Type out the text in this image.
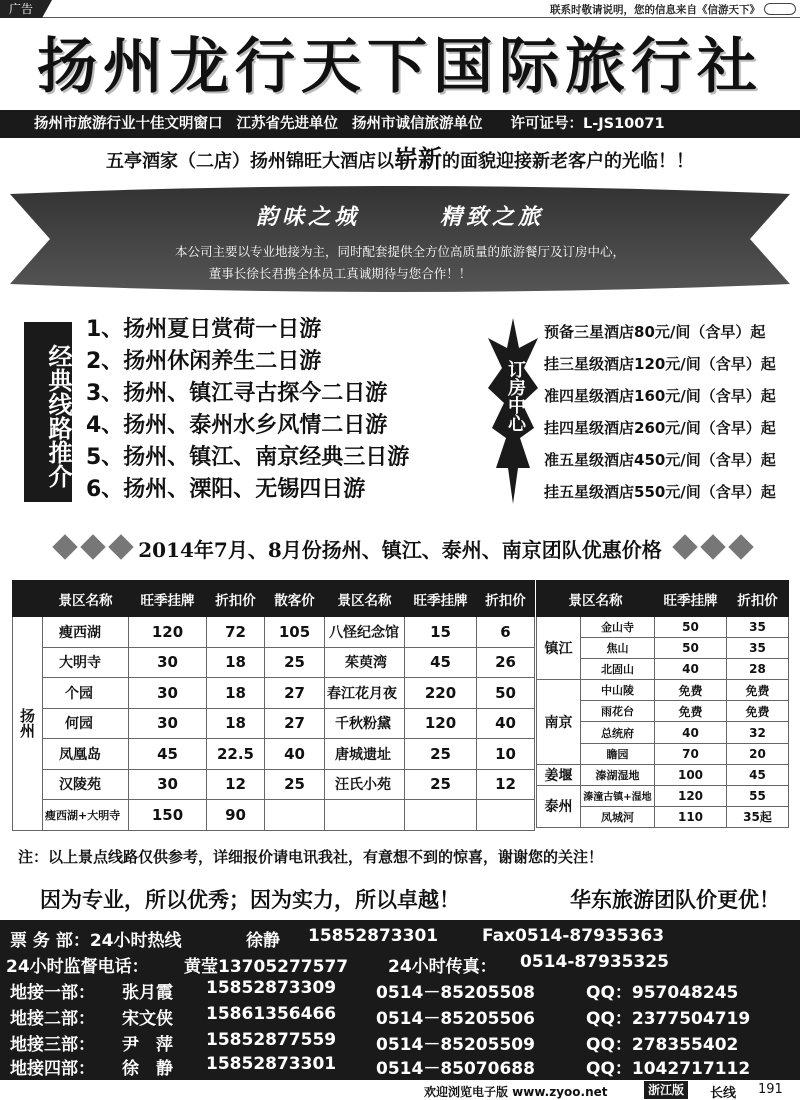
广告	联系时敬请说明，您的信息来自《信游天下》
扬州龙行天下国际旅行社
扬州市旅游行业十佳文明窗口 江苏省先进单位 扬州市诚信旅游单位 许可证号：L-JS10071
五亭酒家（二店）扬州锦旺大酒店以崭新的面貌迎接新老客户的光临！！
韵味之城	精致之旅
本公司主要以专业地接为主，同时配套提供全方位高质量的旅游餐厅及订房中心，
董事长徐长君携全体员工真诚期待与您合作！！
经典线路推介
1、扬州夏日赏荷一日游
2、扬州休闲养生二日游
3、扬州、镇江寻古探今二日游
4、扬州、泰州水乡风情二日游
5、扬州、镇江、南京经典三日游
6、扬州、溧阳、无锡四日游
订房中心
预备三星酒店80元/间（含早）起
挂三星级酒店120元/间（含早）起
准四星级酒店160元/间（含早）起
挂四星级酒店260元/间（含早）起
准五星级酒店450元/间（含早）起
挂五星级酒店550元/间（含早）起
2014年7月、8月份扬州、镇江、泰州、南京团队优惠价格
	景区名称	旺季挂牌	折扣价	散客价	景区名称	旺季挂牌	折扣价
扬州	瘦西湖	120	72	105	八怪纪念馆	15	6
	大明寺	30	18	25	茱萸湾	45	26
	个园	30	18	27	春江花月夜	220	50
	何园	30	18	27	千秋粉黛	120	40
	凤凰岛	45	22.5	40	唐城遗址	25	10
	汉陵苑	30	12	25	汪氏小苑	25	12
	瘦西湖+大明寺	150	90				
景区名称		旺季挂牌	折扣价
镇江	金山寺	50	35
	焦山	50	35
	北固山	40	28
南京	中山陵	免费	免费
	雨花台	免费	免费
	总统府	40	32
	瞻园	70	20
姜堰	溱湖湿地	100	45
泰州	溱潼古镇+湿地	120	55
	凤城河	110	35起
注：以上景点线路仅供参考，详细报价请电讯我社，有意想不到的惊喜，谢谢您的关注！
因为专业，所以优秀；因为实力，所以卓越！	华东旅游团队价更优！
票 务 部：24小时热线	徐静 15852873301	Fax0514-87935363
24小时监督电话： 黄莹13705277577 24小时传真： 0514-87935325
地接一部： 张月霞 15852873309 0514－85205508	QQ：957048245
地接二部： 宋文侠 15861356466 0514－85205506	QQ：2377504719
地接三部： 尹　萍 15852877559 0514－85205509	QQ：278355402
地接四部： 徐　静 15852873301 0514－85070688	QQ：1042717112
欢迎浏览电子版 www.zyoo.net	浙江版	长线 191
